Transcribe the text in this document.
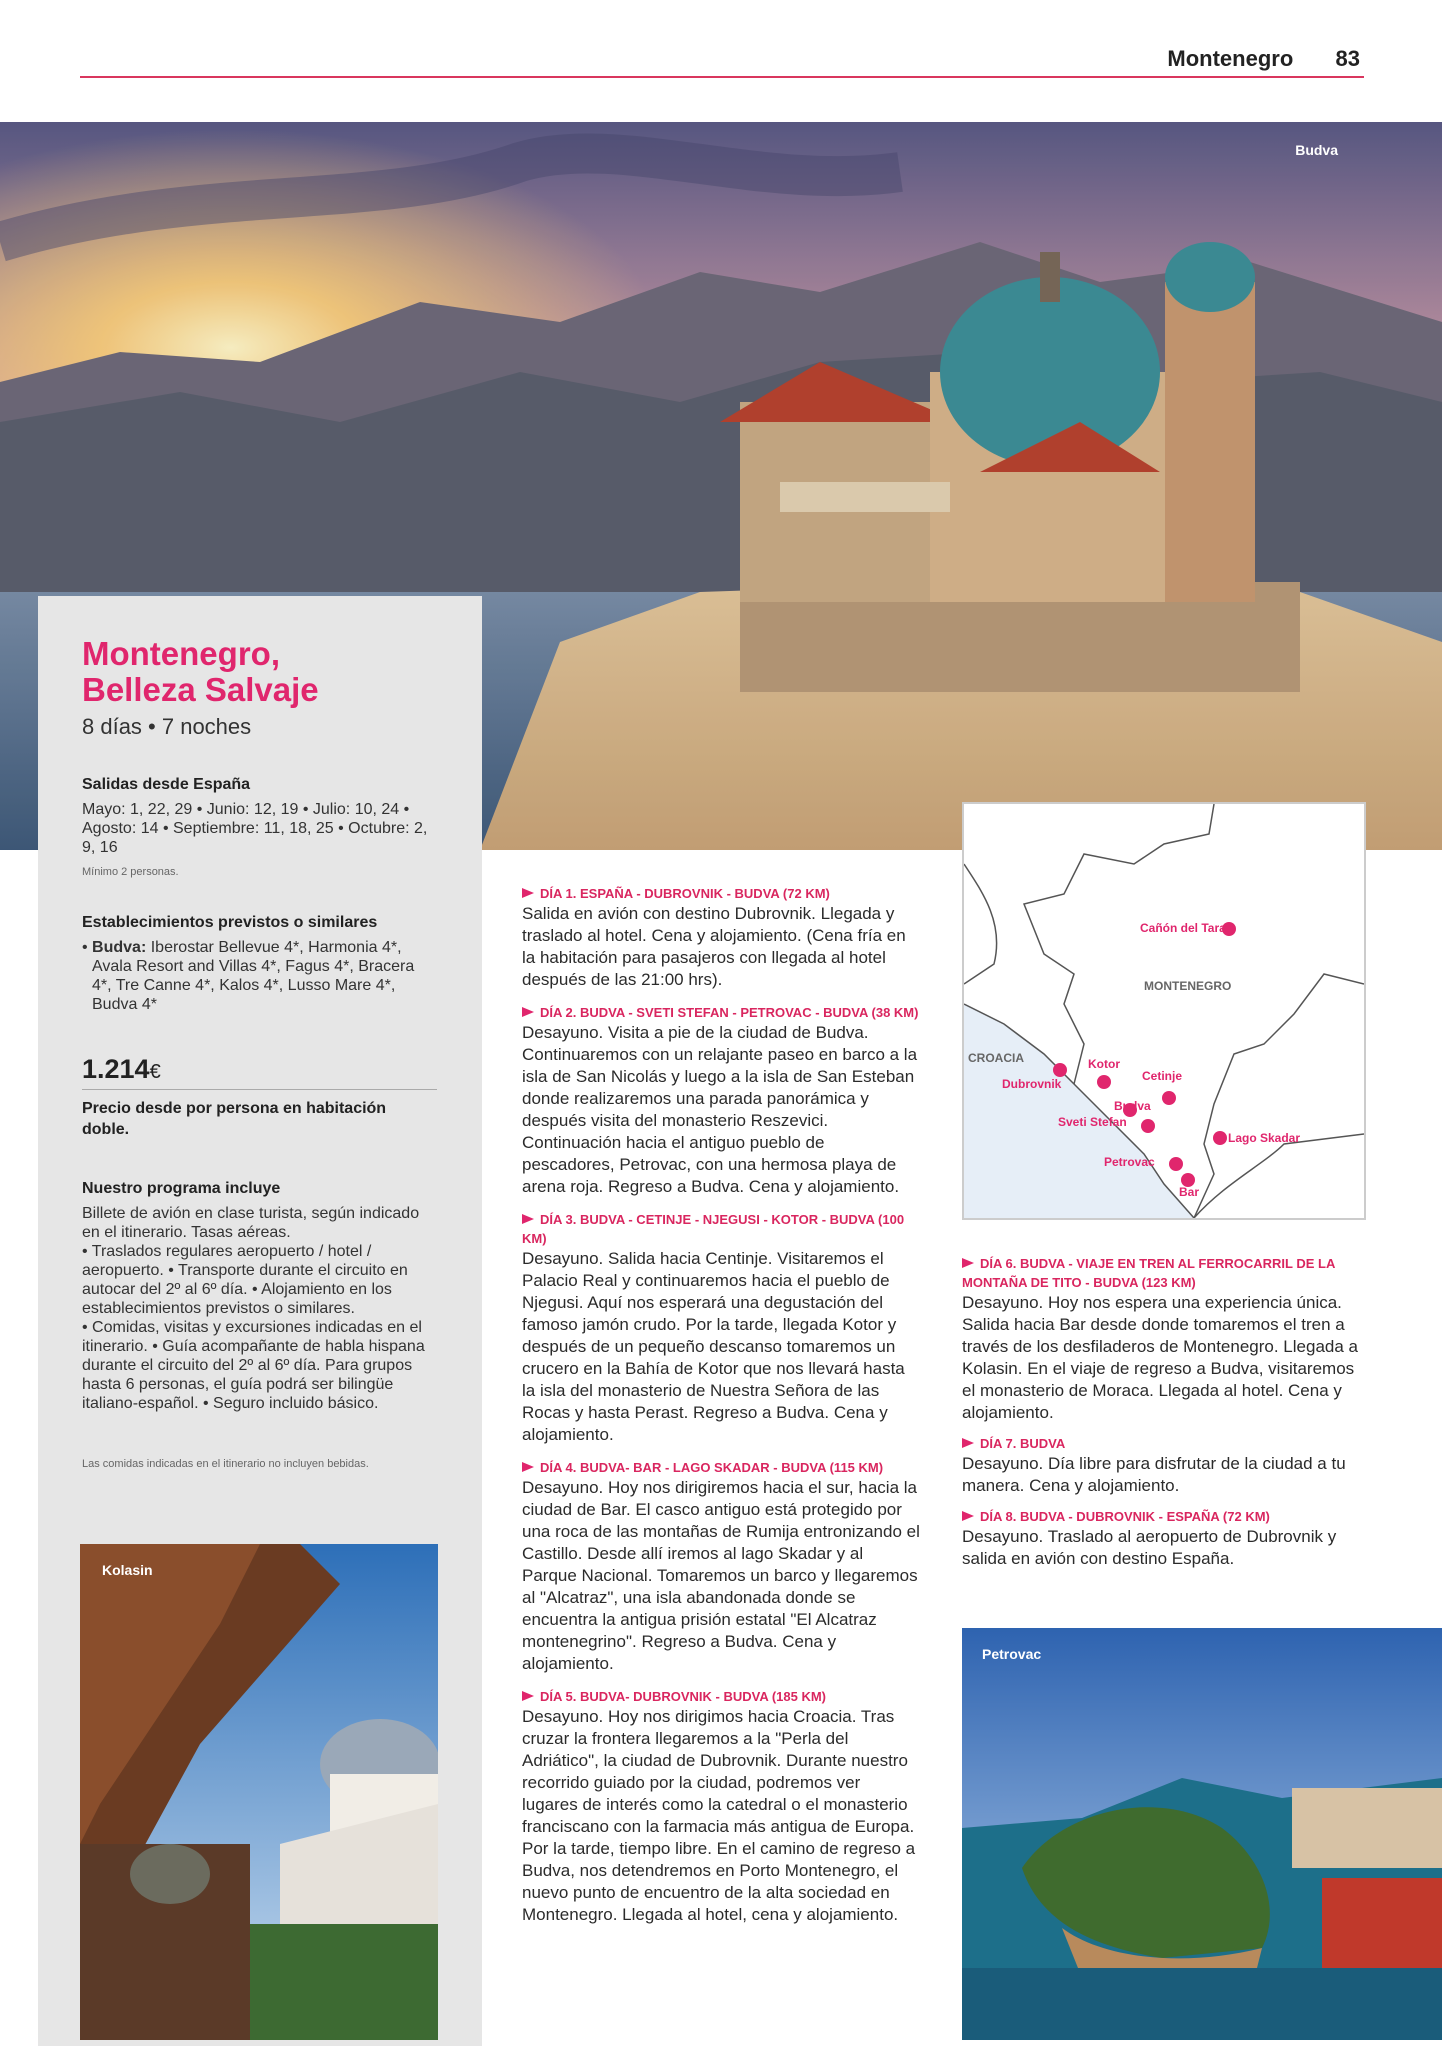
Montenegro 83
Budva
Montenegro,
Belleza Salvaje
8 días • 7 noches
Salidas desde España
Mayo: 1, 22, 29 • Junio: 12, 19 • Julio: 10, 24 • Agosto: 14 • Septiembre: 11, 18, 25 • Octubre: 2, 9, 16
Mínimo 2 personas.
Establecimientos previstos o similares
• Budva: Iberostar Bellevue 4*, Harmonia 4*, Avala Resort and Villas 4*, Fagus 4*, Bracera 4*, Tre Canne 4*, Kalos 4*, Lusso Mare 4*, Budva 4*
1.214€
Precio desde por persona en habitación doble.
Nuestro programa incluye
Billete de avión en clase turista, según indicado en el itinerario. Tasas aéreas.
• Traslados regulares aeropuerto / hotel / aeropuerto. • Transporte durante el circuito en autocar del 2º al 6º día. • Alojamiento en los establecimientos previstos o similares.
• Comidas, visitas y excursiones indicadas en el itinerario. • Guía acompañante de habla hispana durante el circuito del 2º al 6º día. Para grupos hasta 6 personas, el guía podrá ser bilingüe italiano-español. • Seguro incluido básico.
Las comidas indicadas en el itinerario no incluyen bebidas.
Kolasin
DÍA 1. ESPAÑA - DUBROVNIK - BUDVA (72 KM)
Salida en avión con destino Dubrovnik. Llegada y traslado al hotel. Cena y alojamiento. (Cena fría en la habitación para pasajeros con llegada al hotel después de las 21:00 hrs).
DÍA 2. BUDVA - SVETI STEFAN - PETROVAC - BUDVA (38 KM)
Desayuno. Visita a pie de la ciudad de Budva. Continuaremos con un relajante paseo en barco a la isla de San Nicolás y luego a la isla de San Esteban donde realizaremos una parada panorámica y después visita del monasterio Reszevici. Continuación hacia el antiguo pueblo de pescadores, Petrovac, con una hermosa playa de arena roja. Regreso a Budva. Cena y alojamiento.
DÍA 3. BUDVA - CETINJE - NJEGUSI - KOTOR - BUDVA (100 KM)
Desayuno. Salida hacia Centinje. Visitaremos el Palacio Real y continuaremos hacia el pueblo de Njegusi. Aquí nos esperará una degustación del famoso jamón crudo. Por la tarde, llegada Kotor y después de un pequeño descanso tomaremos un crucero en la Bahía de Kotor que nos llevará hasta la isla del monasterio de Nuestra Señora de las Rocas y hasta Perast. Regreso a Budva. Cena y alojamiento.
DÍA 4. BUDVA- BAR - LAGO SKADAR - BUDVA (115 KM)
Desayuno. Hoy nos dirigiremos hacia el sur, hacia la ciudad de Bar. El casco antiguo está protegido por una roca de las montañas de Rumija entronizando el Castillo. Desde allí iremos al lago Skadar y al Parque Nacional. Tomaremos un barco y llegaremos al "Alcatraz", una isla abandonada donde se encuentra la antigua prisión estatal "El Alcatraz montenegrino". Regreso a Budva. Cena y alojamiento.
DÍA 5. BUDVA- DUBROVNIK - BUDVA (185 KM)
Desayuno. Hoy nos dirigimos hacia Croacia. Tras cruzar la frontera llegaremos a la "Perla del Adriático", la ciudad de Dubrovnik. Durante nuestro recorrido guiado por la ciudad, podremos ver lugares de interés como la catedral o el monasterio franciscano con la farmacia más antigua de Europa. Por la tarde, tiempo libre. En el camino de regreso a Budva, nos detendremos en Porto Montenegro, el nuevo punto de encuentro de la alta sociedad en Montenegro. Llegada al hotel, cena y alojamiento.
MONTENEGRO
CROACIA
Cañón del Tara
Kotor
Dubrovnik
Cetinje
Budva
Sveti Stefan
Lago Skadar
Petrovac
Bar
DÍA 6. BUDVA - VIAJE EN TREN AL FERROCARRIL DE LA MONTAÑA DE TITO - BUDVA (123 KM)
Desayuno. Hoy nos espera una experiencia única. Salida hacia Bar desde donde tomaremos el tren a través de los desfiladeros de Montenegro. Llegada a Kolasin. En el viaje de regreso a Budva, visitaremos el monasterio de Moraca. Llegada al hotel. Cena y alojamiento.
DÍA 7. BUDVA
Desayuno. Día libre para disfrutar de la ciudad a tu manera. Cena y alojamiento.
DÍA 8. BUDVA - DUBROVNIK - ESPAÑA (72 KM)
Desayuno. Traslado al aeropuerto de Dubrovnik y salida en avión con destino España.
Petrovac
